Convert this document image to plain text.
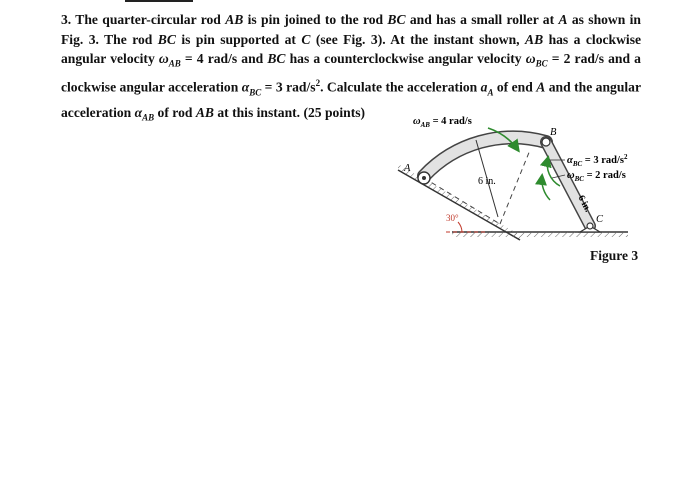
3. The quarter-circular rod AB is pin joined to the rod BC and has a small roller at A as shown in Fig. 3. The rod BC is pin supported at C (see Fig. 3). At the instant shown, AB has a clockwise angular velocity $\omega_{AB} = 4$ rad/s and BC has a counterclockwise angular velocity $\omega_{BC} = 2$ rad/s and a clockwise angular acceleration $\alpha_{BC} = 3$ rad/$s^2$. Calculate the acceleration $a_A$ of end A and the angular acceleration $\alpha_{AB}$ of rod AB at this instant. (25 points)
$\omega_{AB} = 4$ rad/s
$\alpha_{BC} = 3$ rad/$s^2$
$\omega_{BC} = 2$ rad/s
A
B
C
6 in.
6 in.
30°
Figure 3
